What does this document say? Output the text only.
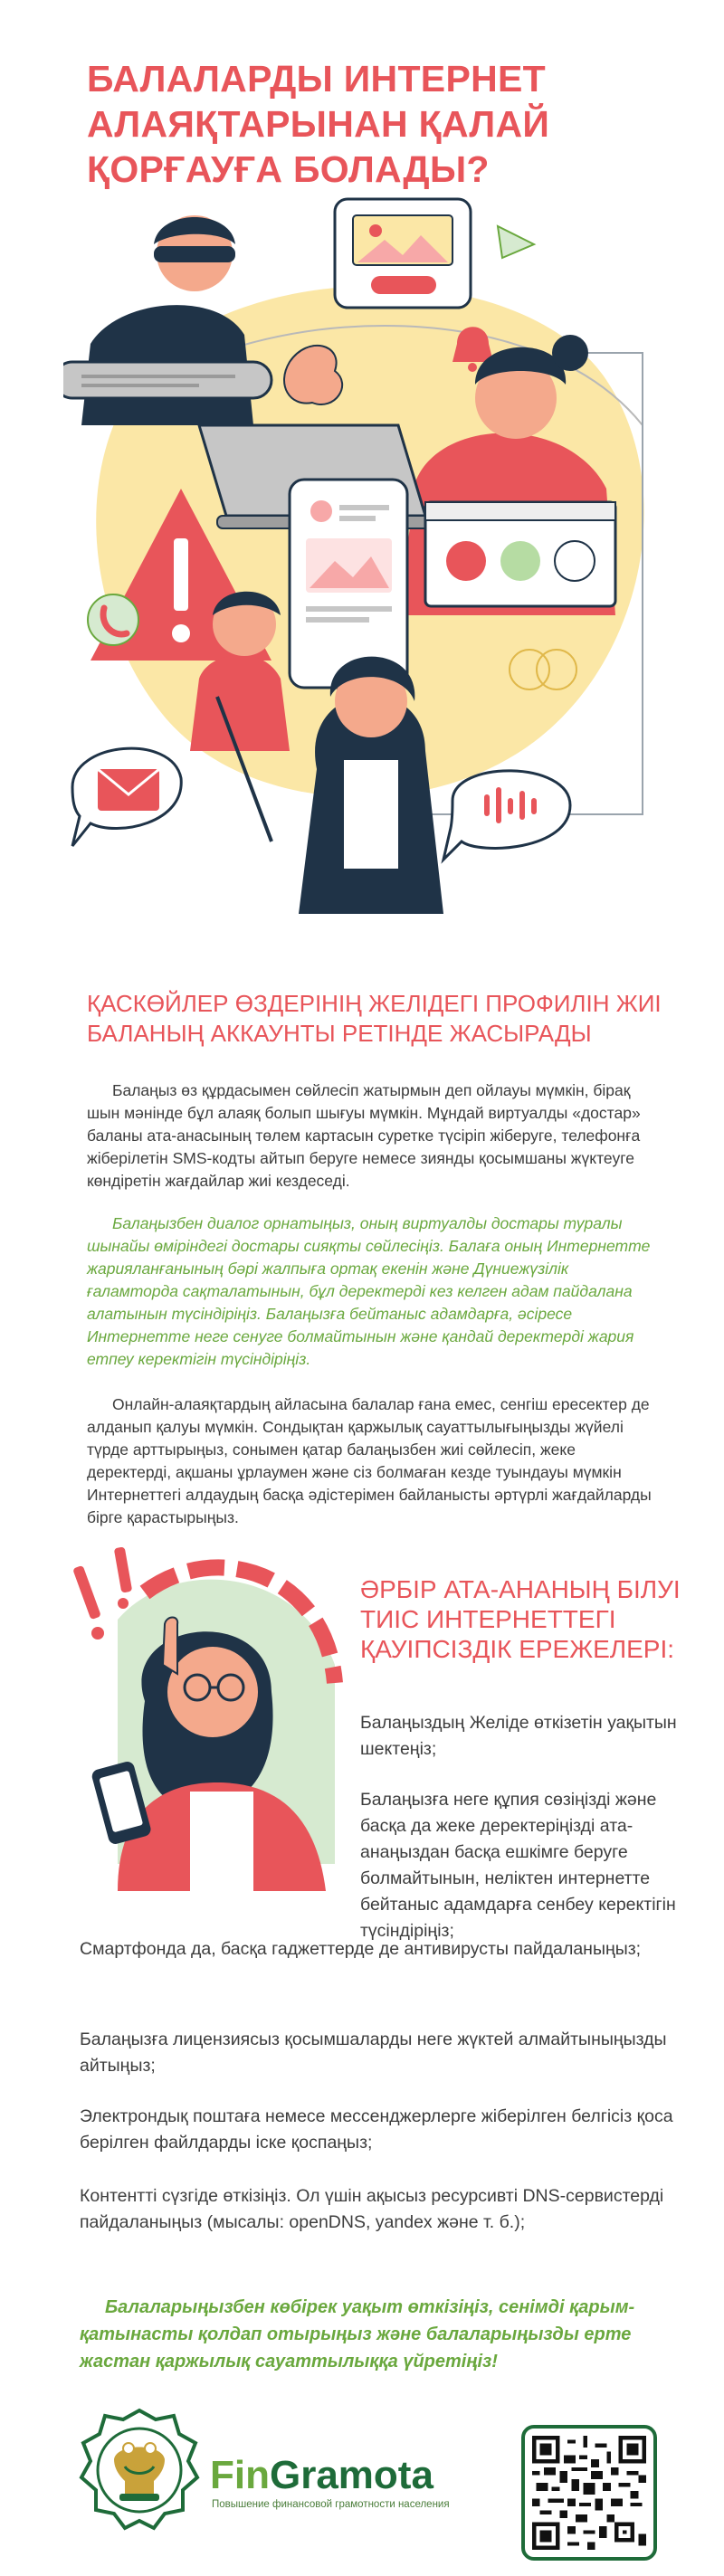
БАЛАЛАРДЫ ИНТЕРНЕТ АЛАЯҚТАРЫНАН ҚАЛАЙ ҚОРҒАУҒА БОЛАДЫ?
ҚАСКӨЙЛЕР ӨЗДЕРІНІҢ ЖЕЛІДЕГІ ПРОФИЛІН ЖИІ БАЛАНЫҢ АККАУНТЫ РЕТІНДЕ ЖАСЫРАДЫ

Балаңыз өз құрдасымен сөйлесіп жатырмын деп ойлауы мүмкін, бірақ шын мәнінде бұл алаяқ болып шығуы мүмкін. Мұндай виртуалды «достар» баланы ата-анасының төлем картасын суретке түсіріп жіберуге, телефонға жіберілетін SMS-кодты айтып беруге немесе зиянды қосымшаны жүктеуге көндіретін жағдайлар жиі кездеседі.

Балаңызбен диалог орнатыңыз, оның виртуалды достары туралы шынайы өміріндегі достары сияқты сөйлесіңіз. Балаға оның Интернетте жарияланғанының бәрі жалпыға ортақ екенін және Дүниежүзілік ғаламторда сақталатынын, бұл деректерді кез келген адам пайдалана алатынын түсіндіріңіз. Балаңызға бейтаныс адамдарға, әсіресе Интернетте неге сенуге болмайтынын және қандай деректерді жария етпеу керектігін түсіндіріңіз.

Онлайн-алаяқтардың айласына балалар ғана емес, сенгіш ересектер де алданып қалуы мүмкін. Сондықтан қаржылық сауаттылығыңызды жүйелі түрде арттырыңыз, сонымен қатар балаңызбен жиі сөйлесіп, жеке деректерді, ақшаны ұрлаумен және сіз болмаған кезде туындауы мүмкін Интернеттегі алдаудың басқа әдістерімен байланысты әртүрлі жағдайларды бірге қарастырыңыз.

ӘРБІР АТА-АНАНЫҢ БІЛУІ ТИІС ИНТЕРНЕТТЕГІ ҚАУІПСІЗДІК ЕРЕЖЕЛЕРІ:

Балаңыздың Желіде өткізетін уақытын шектеңіз;

Балаңызға неге құпия сөзіңізді және басқа да жеке деректеріңізді ата-анаңыздан басқа ешкімге беруге болмайтынын, неліктен интернетте бейтаныс адамдарға сенбеу керектігін түсіндіріңіз;

Смартфонда да, басқа гаджеттерде де антивирусты пайдаланыңыз;

Балаңызға лицензиясыз қосымшаларды неге жүктей алмайтыныңызды айтыңыз;

Электрондық поштаға немесе мессенджерлерге жіберілген белгісіз қоса берілген файлдарды іске қоспаңыз;

Контентті сүзгіде өткізіңіз. Ол үшін ақысыз ресурсивті DNS-сервистерді пайдаланыңыз (мысалы: openDNS, yandex және т. б.);

Балаларыңызбен көбірек уақыт өткізіңіз, сенімді қарым-қатынасты қолдап отырыңыз және балаларыңызды ерте жастан қаржылық сауаттылыққа үйретіңіз!

FinGramota

Повышение финансовой грамотности населения
